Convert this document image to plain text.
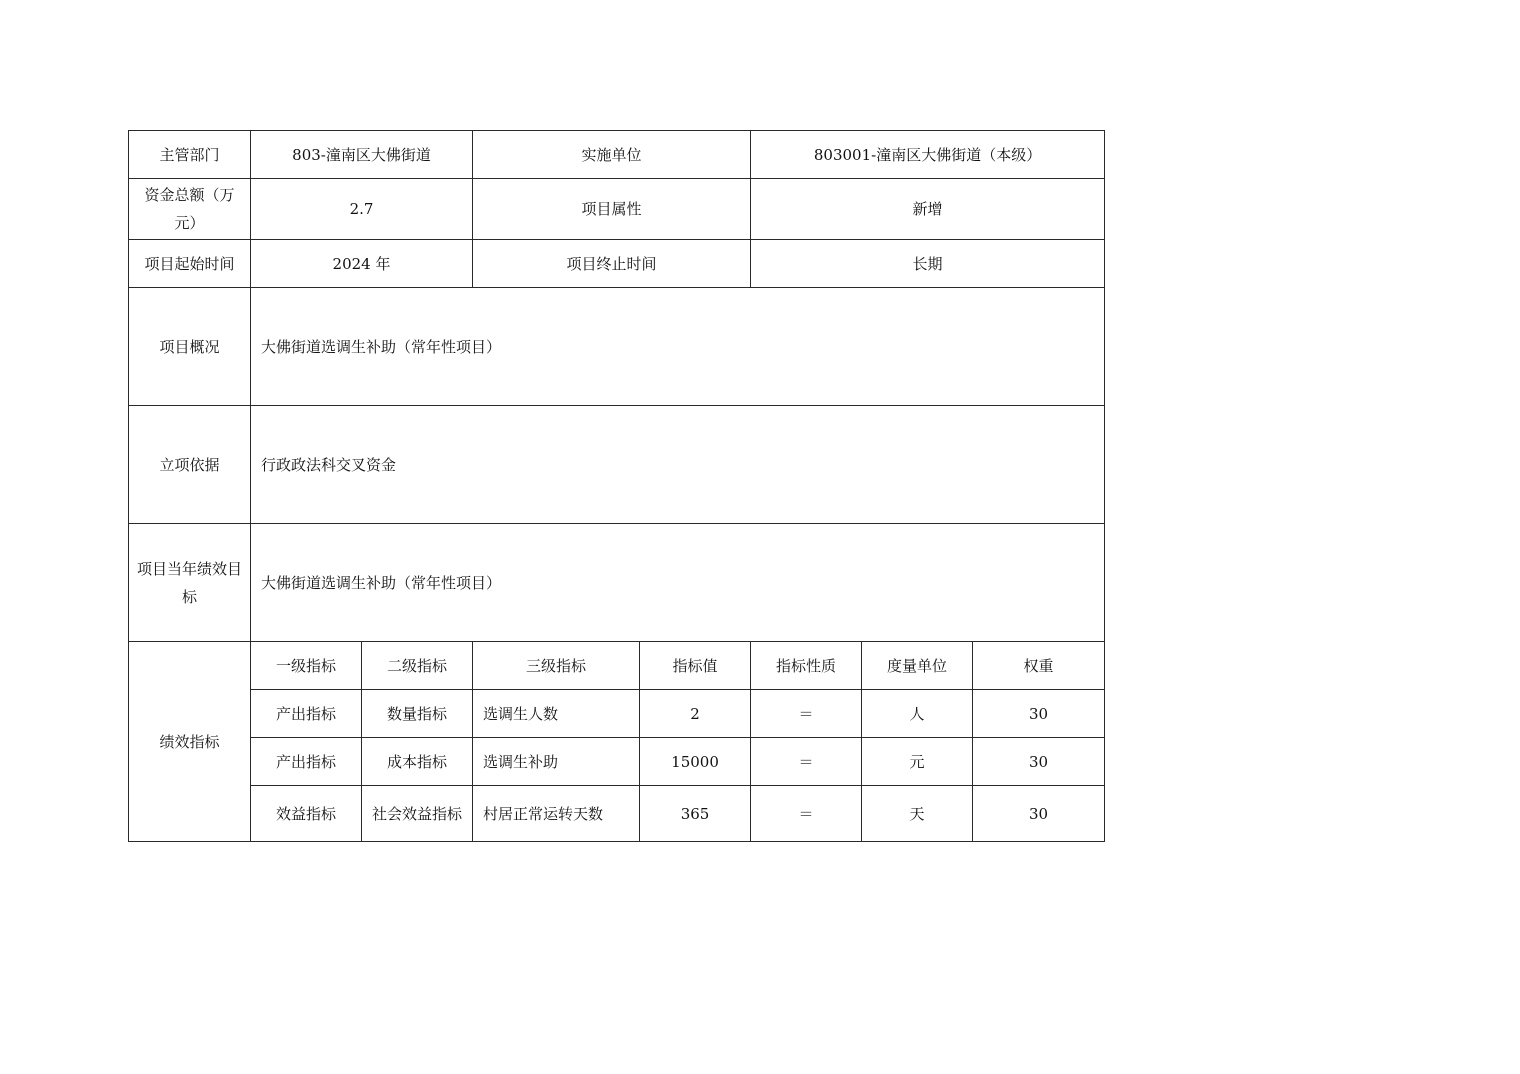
主管部门	803-潼南区大佛街道		实施单位		803001-潼南区大佛街道（本级）		
资金总额（万元）	2.7		项目属性		新增		
项目起始时间	2024 年		项目终止时间		长期		
项目概况	大佛街道选调生补助（常年性项目）						
立项依据	行政政法科交叉资金						
项目当年绩效目标	大佛街道选调生补助（常年性项目）						
绩效指标	一级指标	二级指标	三级指标	指标值	指标性质	度量单位	权重
	产出指标	数量指标	选调生人数	2	＝	人	30
	产出指标	成本指标	选调生补助	15000	＝	元	30
	效益指标	社会效益指标	村居正常运转天数	365	＝	天	30
